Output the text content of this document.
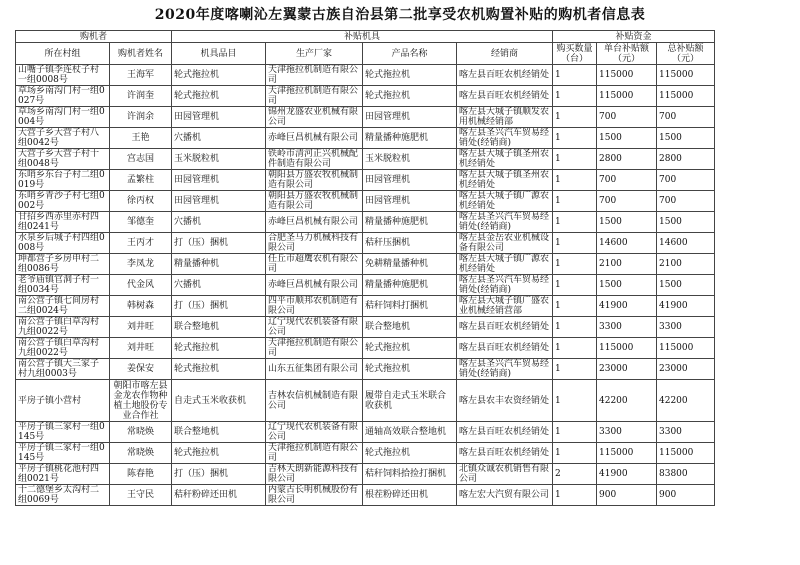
2020年度喀喇沁左翼蒙古族自治县第二批享受农机购置补贴的购机者信息表
购机者		补贴机具				补贴资金		
所在村组	购机者姓名	机具品目	生产厂家	产品名称	经销商	购买数量（台）	单台补贴额（元）	总补贴额（元）
山嘴子镇李连杖子村一组0008号	王海军	轮式拖拉机	天津拖拉机制造有限公司	轮式拖拉机	喀左县百旺农机经销处	1	115000	115000
草场乡南沟门村一组0027号	许润奎	轮式拖拉机	天津拖拉机制造有限公司	轮式拖拉机	喀左县百旺农机经销处	1	115000	115000
草场乡南沟门村一组0004号	许润余	田园管理机	锦州龙盛农业机械有限公司	田园管理机	喀左县大城子镇顺发农用机械经销部	1	700	700
大营子乡大营子村八组0042号	王艳	穴播机	赤峰巨昌机械有限公司	精量播种施肥机	喀左县圣兴汽车贸易经销处(经销商)	1	1500	1500
大营子乡大营子村十组0048号	宫志国	玉米脱粒机	铁岭市清河正兴机械配件制造有限公司	玉米脱粒机	喀左县大城子镇圣州农机经销处	1	2800	2800
东哨乡东台子村二组0019号	孟繁柱	田园管理机	朝阳县万盛农牧机械制造有限公司	田园管理机	喀左县大城子镇圣州农机经销处	1	700	700
东哨乡青沙子村七组0002号	徐丙权	田园管理机	朝阳县万盛农牧机械制造有限公司	田园管理机	喀左县大城子镇广源农机经销处	1	700	700
甘招乡西赤里赤村四组0241号	邹德奎	穴播机	赤峰巨昌机械有限公司	精量播种施肥机	喀左县圣兴汽车贸易经销处(经销商)	1	1500	1500
水泉乡后城子村四组0008号	王丙才	打（压）捆机	合肥圣马力机械科技有限公司	秸秆压捆机	喀左县金岳农业机械设备有限公司	1	14600	14600
坤都营子乡房申村二组0086号	李凤龙	精量播种机	任丘市超鹰农机有限公司	免耕精量播种机	喀左县大城子镇广源农机经销处	1	2100	2100
老爷庙镇官洞子村一组0034号	代金风	穴播机	赤峰巨昌机械有限公司	精量播种施肥机	喀左县圣兴汽车贸易经销处(经销商)	1	1500	1500
南公营子镇七间房村二组0024号	韩树森	打（压）捆机	四平市顺邦农机制造有限公司	秸秆饲料打捆机	喀左县大城子镇广盛农业机械经销营部	1	41900	41900
南公营子镇白草沟村九组0022号	刘井旺	联合整地机	辽宁现代农机装备有限公司	联合整地机	喀左县百旺农机经销处	1	3300	3300
南公营子镇白草沟村九组0022号	刘井旺	轮式拖拉机	天津拖拉机制造有限公司	轮式拖拉机	喀左县百旺农机经销处	1	115000	115000
南公营子镇大三家子村九组0003号	姜保安	轮式拖拉机	山东五征集团有限公司	轮式拖拉机	喀左县圣兴汽车贸易经销处(经销商)	1	23000	23000
平房子镇小营村	朝阳市喀左县金龙农作物种植土地股份专业合作社	自走式玉米收获机	吉林农信机械制造有限公司	履带自走式玉米联合收获机	喀左县农丰农资经销处	1	42200	42200
平房子镇三家村一组0145号	常晓焕	联合整地机	辽宁现代农机装备有限公司	通轴高效联合整地机	喀左县百旺农机经销处	1	3300	3300
平房子镇三家村一组0145号	常晓焕	轮式拖拉机	天津拖拉机制造有限公司	轮式拖拉机	喀左县百旺农机经销处	1	115000	115000
平房子镇桃花池村四组0021号	陈春艳	打（压）捆机	吉林天朗新能源科技有限公司	秸秆饲料拾捡打捆机	北镇众诚农机销售有限公司	2	41900	83800
十二德堡乡太沟村二组0069号	王守民	秸秆粉碎还田机	内蒙古长明机械股份有限公司	根茬粉碎还田机	喀左宏大汽贸有限公司	1	900	900
